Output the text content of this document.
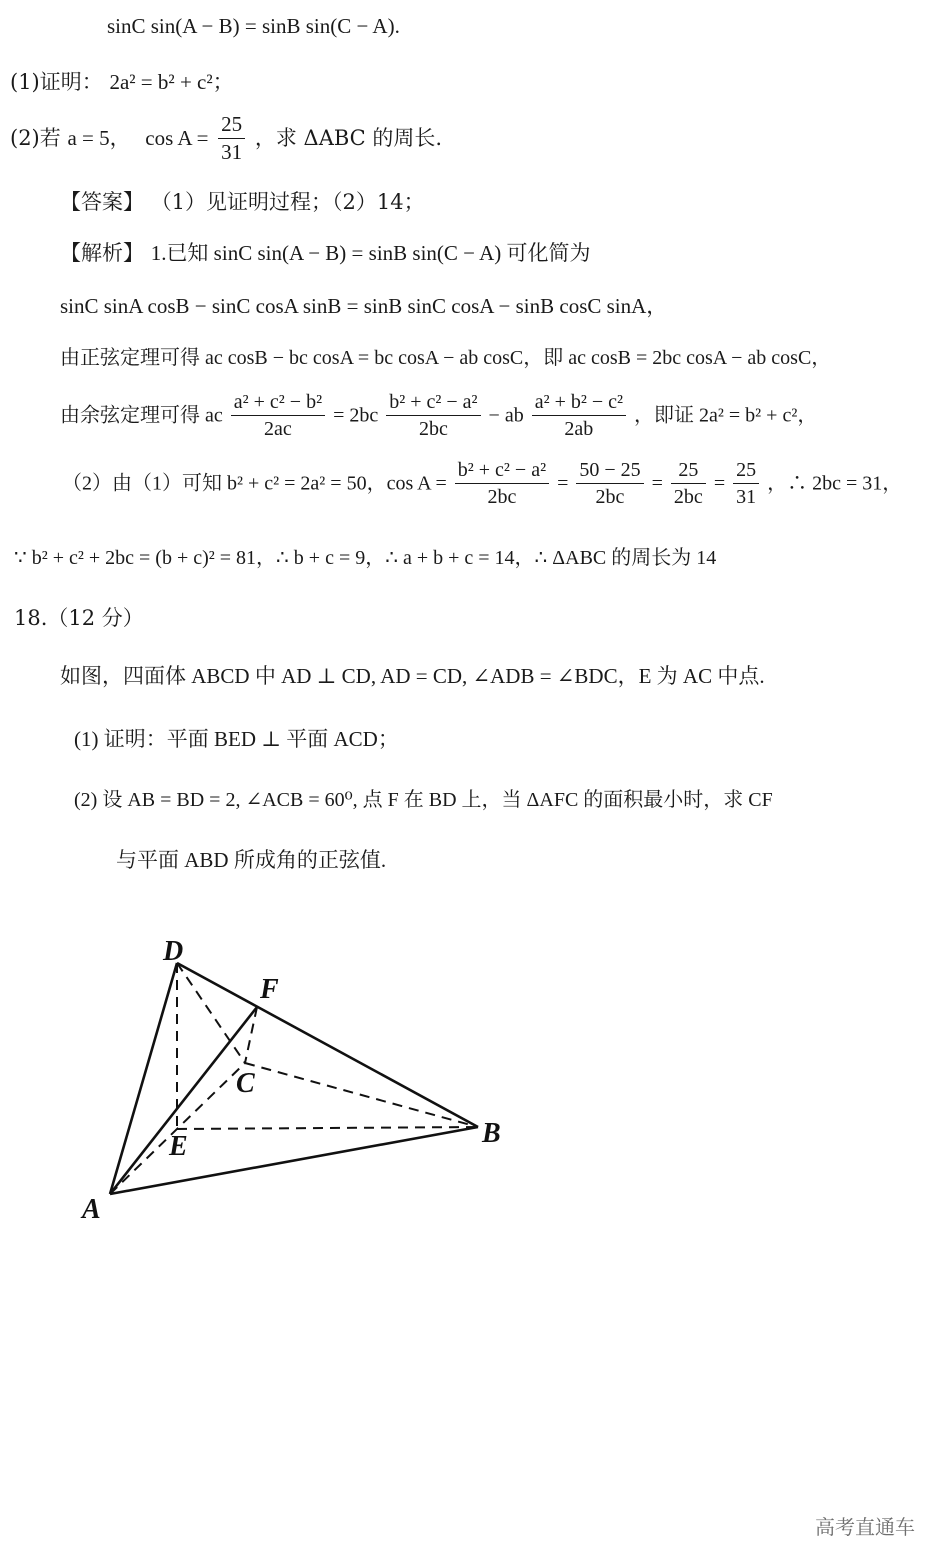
sinC sin(A − B) = sinB sin(C − A).
(1)证明： 2a² = b² + c²；
(2)若 a = 5， $\cos A = \frac{25}{31}$ ，求 ΔABC 的周长.
【答案】 （1）见证明过程；（2）14；
【解析】 1.已知 sinC sin(A − B) = sinB sin(C − A) 可化简为
sinC sinA cosB − sinC cosA sinB = sinB sinC cosA − sinB cosC sinA，
由正弦定理可得 ac cosB − bc cosA = bc cosA − ab cosC，即 ac cosB = 2bc cosA − ab cosC，
由余弦定理可得 ac $\frac{\text{a² + c² − b²}}{2ac} = 2bc \frac{\text{b² + c² − a²}}{2bc}$ − ab $\frac{\text{a² + b² − c²}}{2ab}$ ，即证 2a² = b² + c²，
（2）由（1）可知 b² + c² = 2a² = 50，$\cos A = \frac{\text{b² + c² − a²}}{2bc} = \frac{50 - 25}{2bc} = \frac{25}{2bc} = \frac{25}{31}$ ，∴ 2bc = 31，
∵ b² + c² + 2bc = (b + c)² = 81，∴ b + c = 9，∴ a + b + c = 14，∴ ΔABC 的周长为 14
18.（12 分）
如图，四面体 ABCD 中 AD ⊥ CD, AD = CD, ∠ADB = ∠BDC，E 为 AC 中点.
(1) 证明：平面 BED ⊥ 平面 ACD；
(2) 设 AB = BD = 2, ∠ACB = 60⁰, 点 F 在 BD 上，当 ΔAFC 的面积最小时，求 CF
与平面 ABD 所成角的正弦值.
D
F
C
B
E
A
高考直通车
